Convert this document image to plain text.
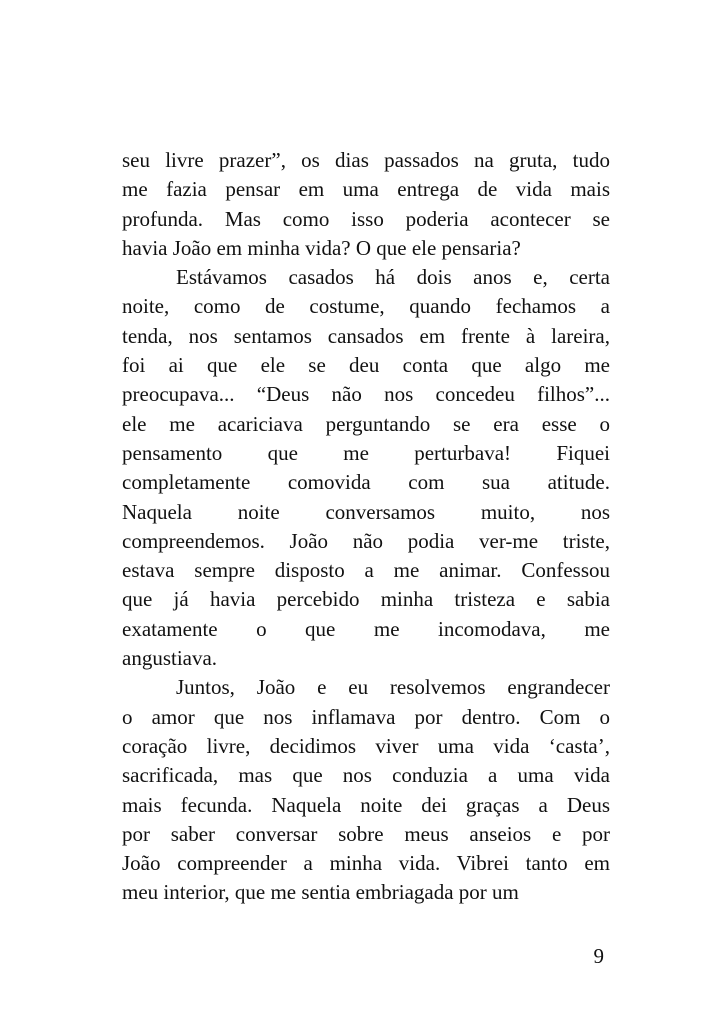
seu livre prazer”, os dias passados na gruta, tudo
me fazia pensar em uma entrega de vida mais
profunda. Mas como isso poderia acontecer se
havia João em minha vida? O que ele pensaria?
Estávamos casados há dois anos e, certa
noite, como de costume, quando fechamos a
tenda, nos sentamos cansados em frente à lareira,
foi ai que ele se deu conta que algo me
preocupava... “Deus não nos concedeu filhos”...
ele me acariciava perguntando se era esse o
pensamento que me perturbava! Fiquei
completamente comovida com sua atitude.
Naquela noite conversamos muito, nos
compreendemos. João não podia ver-me triste,
estava sempre disposto a me animar. Confessou
que já havia percebido minha tristeza e sabia
exatamente o que me incomodava, me
angustiava.
Juntos, João e eu resolvemos engrandecer
o amor que nos inflamava por dentro. Com o
coração livre, decidimos viver uma vida ‘casta’,
sacrificada, mas que nos conduzia a uma vida
mais fecunda. Naquela noite dei graças a Deus
por saber conversar sobre meus anseios e por
João compreender a minha vida. Vibrei tanto em
meu interior, que me sentia embriagada por um
9
